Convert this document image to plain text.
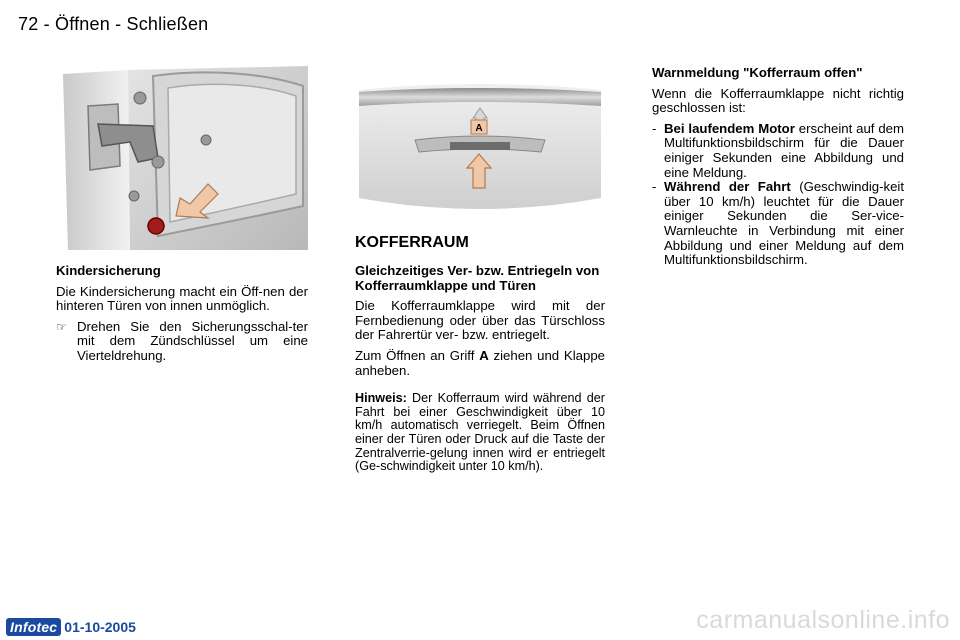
72 - Öffnen - Schließen
A
Kindersicherung

Die Kindersicherung macht ein Öff-nen der hinteren Türen von innen unmöglich.

☞ Drehen Sie den Sicherungsschal-ter mit dem Zündschlüssel um eine Vierteldrehung.
KOFFERRAUM
Gleichzeitiges Ver- bzw. Entriegeln von Kofferraumklappe und Türen

Die Kofferraumklappe wird mit der Fernbedienung oder über das Türschloss der Fahrertür ver- bzw. entriegelt.

Zum Öffnen an Griff A ziehen und Klappe anheben.

Hinweis: Der Kofferraum wird während der Fahrt bei einer Geschwindigkeit über 10 km/h automatisch verriegelt. Beim Öffnen einer der Türen oder Druck auf die Taste der Zentralverrie-gelung innen wird er entriegelt (Ge-schwindigkeit unter 10 km/h).
Warnmeldung "Kofferraum offen"

Wenn die Kofferraumklappe nicht richtig geschlossen ist:

- Bei laufendem Motor erscheint auf dem Multifunktionsbildschirm für die Dauer einiger Sekunden eine Abbildung und eine Meldung.
- Während der Fahrt (Geschwindig-keit über 10 km/h) leuchtet für die Dauer einiger Sekunden die Ser-vice-Warnleuchte in Verbindung mit einer Abbildung und einer Meldung auf dem Multifunktionsbildschirm.
Infotec 01-10-2005	carmanualsonline.info
